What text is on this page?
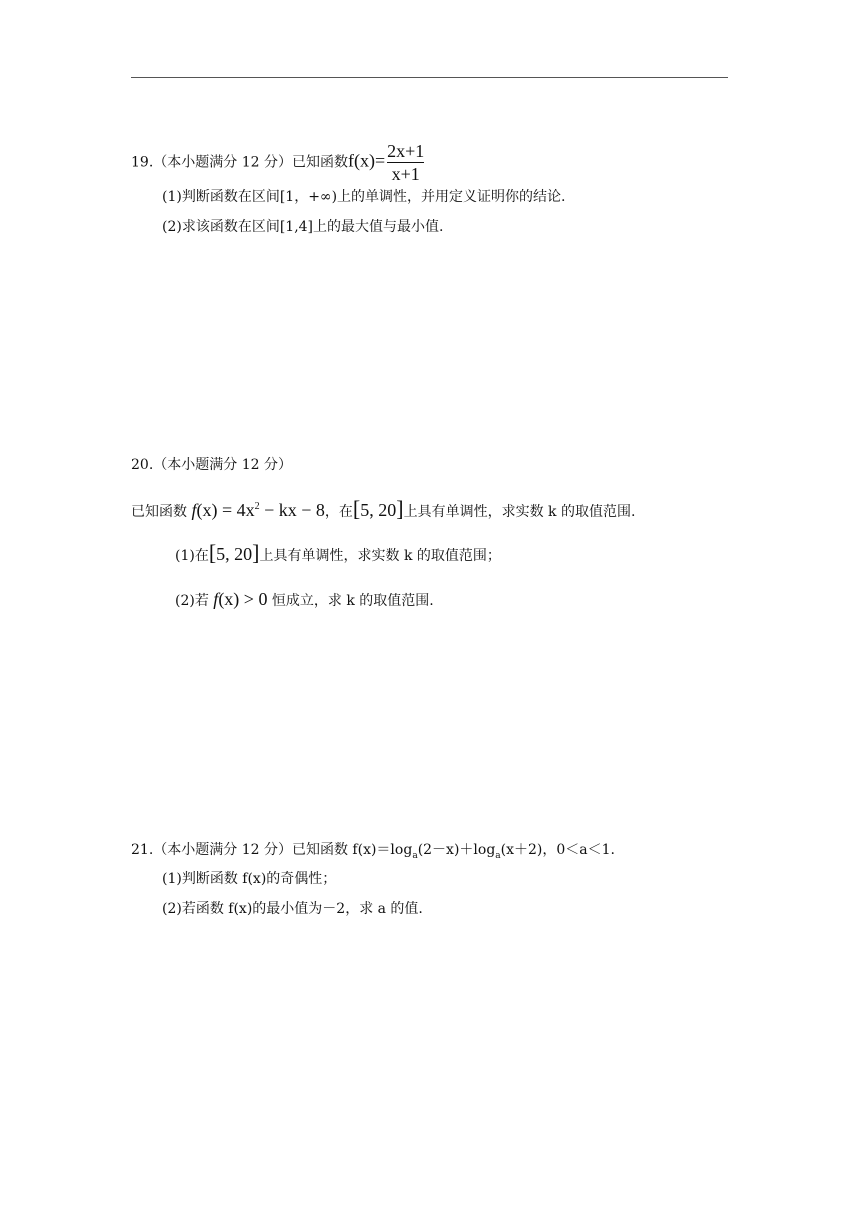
19.（本小题满分 12 分）已知函数$f(x)= \frac{2x+1}{x+1}$
(1)判断函数在区间[1，+∞)上的单调性，并用定义证明你的结论.
(2)求该函数在区间[1,4]上的最大值与最小值.
20.（本小题满分 12 分）
已知函数 $f(x) = 4x^2$ − kx − 8，在[5, 20]上具有单调性，求实数 k 的取值范围.
(1)在[5, 20]上具有单调性，求实数 k 的取值范围；
(2)若 f(x) > 0 恒成立，求 k 的取值范围.
21.（本小题满分 12 分）已知函数 $f(x)=\log_a(2-x)+\log_a(x+2)$，0＜a＜1.
(1)判断函数 f(x)的奇偶性；
(2)若函数 f(x)的最小值为－2，求 a 的值.
